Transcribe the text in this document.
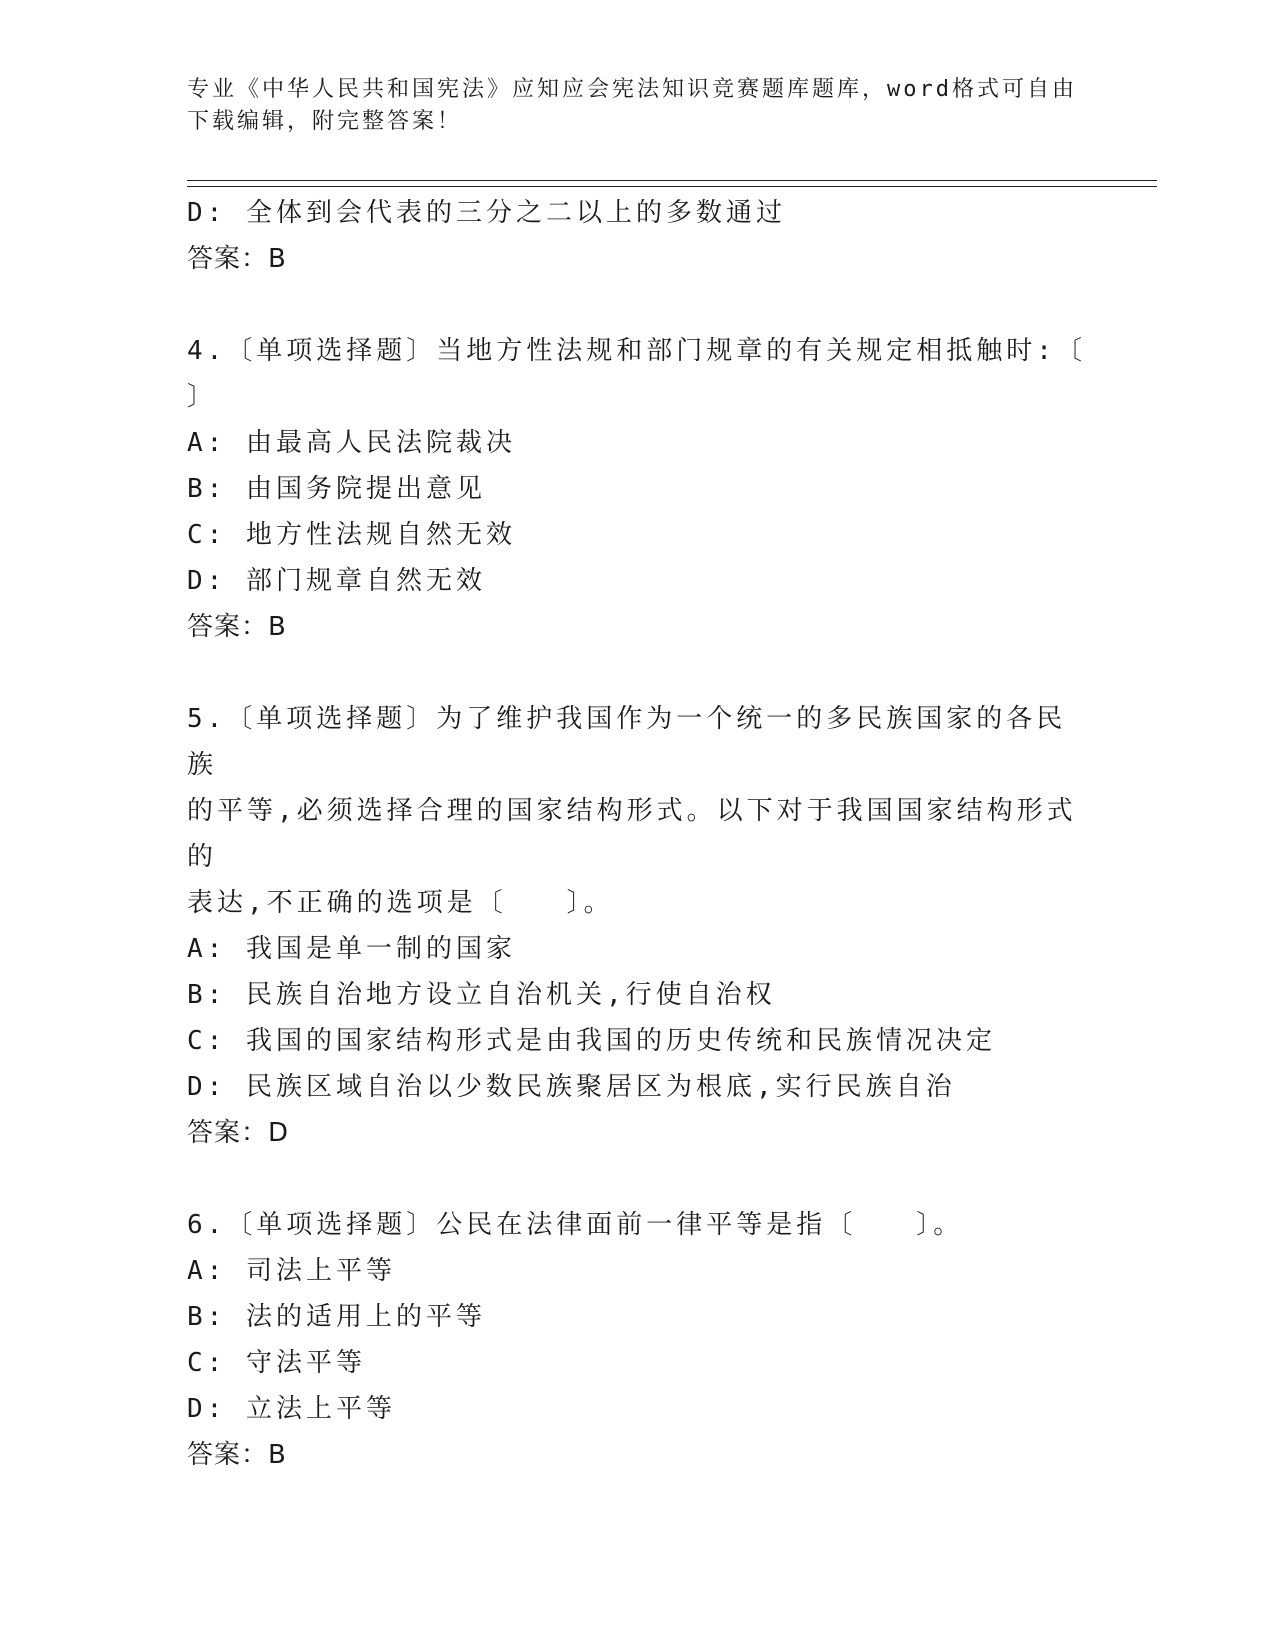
专业《中华人民共和国宪法》应知应会宪法知识竞赛题库题库，word格式可自由
下载编辑，附完整答案！
D: 全体到会代表的三分之二以上的多数通过
答案：B
4.〔单项选择题〕当地方性法规和部门规章的有关规定相抵触时:〔
〕
A: 由最高人民法院裁决
B: 由国务院提出意见
C: 地方性法规自然无效
D: 部门规章自然无效
答案：B
5.〔单项选择题〕为了维护我国作为一个统一的多民族国家的各民族
的平等,必须选择合理的国家结构形式。以下对于我国国家结构形式的
表达,不正确的选项是〔　　〕。
A: 我国是单一制的国家
B: 民族自治地方设立自治机关,行使自治权
C: 我国的国家结构形式是由我国的历史传统和民族情况决定
D: 民族区域自治以少数民族聚居区为根底,实行民族自治
答案：D
6.〔单项选择题〕公民在法律面前一律平等是指〔　　〕。
A: 司法上平等
B: 法的适用上的平等
C: 守法平等
D: 立法上平等
答案：B
